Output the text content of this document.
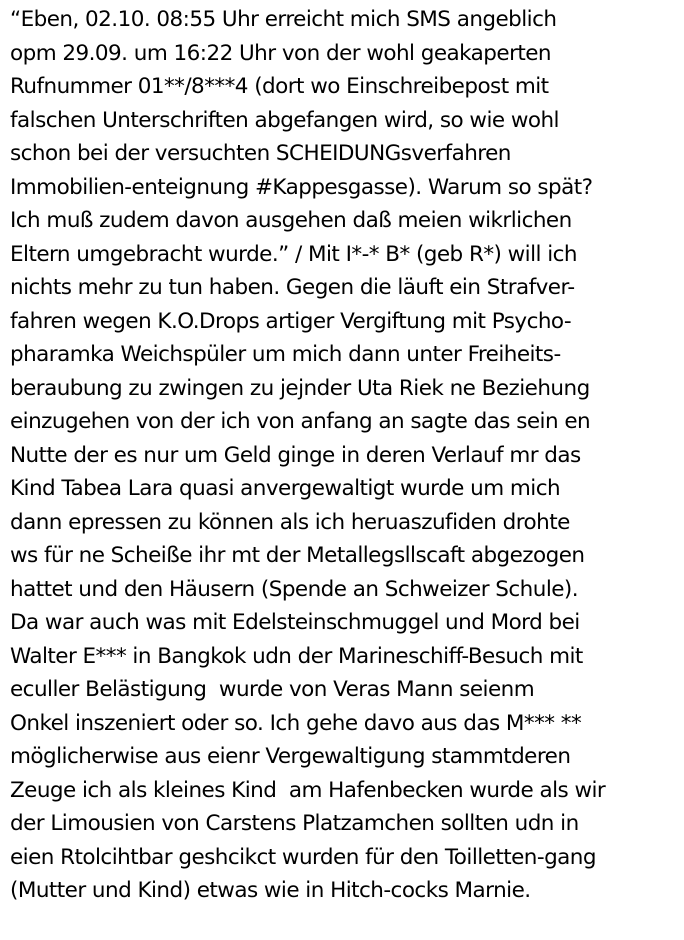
“Eben, 02.10. 08:55 Uhr erreicht mich SMS angeblich
opm 29.09. um 16:22 Uhr von der wohl geakaperten
Rufnummer 01**/8***4 (dort wo Einschreibepost mit
falschen Unterschriften abgefangen wird, so wie wohl
schon bei der versuchten SCHEIDUNGsverfahren
Immobilien-enteignung #Kappesgasse). Warum so spät?
Ich muß zudem davon ausgehen daß meien wikrlichen
Eltern umgebracht wurde.” / Mit I*-* B* (geb R*) will ich
nichts mehr zu tun haben. Gegen die läuft ein Strafver-
fahren wegen K.O.Drops artiger Vergiftung mit Psycho-
pharamka Weichspüler um mich dann unter Freiheits-
beraubung zu zwingen zu jejnder Uta Riek ne Beziehung
einzugehen von der ich von anfang an sagte das sein en
Nutte der es nur um Geld ginge in deren Verlauf mr das
Kind Tabea Lara quasi anvergewaltigt wurde um mich
dann epressen zu können als ich heruaszufiden drohte
ws für ne Scheiße ihr mt der Metallegsllscaft abgezogen
hattet und den Häusern (Spende an Schweizer Schule).
Da war auch was mit Edelsteinschmuggel und Mord bei
Walter E*** in Bangkok udn der Marineschiff-Besuch mit
eculler Belästigung  wurde von Veras Mann seienm
Onkel inszeniert oder so. Ich gehe davo aus das M*** **
möglicherwise aus eienr Vergewaltigung stammtderen
Zeuge ich als kleines Kind  am Hafenbecken wurde als wir
der Limousien von Carstens Platzamchen sollten udn in
eien Rtolcihtbar geshcikct wurden für den Toilletten-gang
(Mutter und Kind) etwas wie in Hitch-cocks Marnie.
